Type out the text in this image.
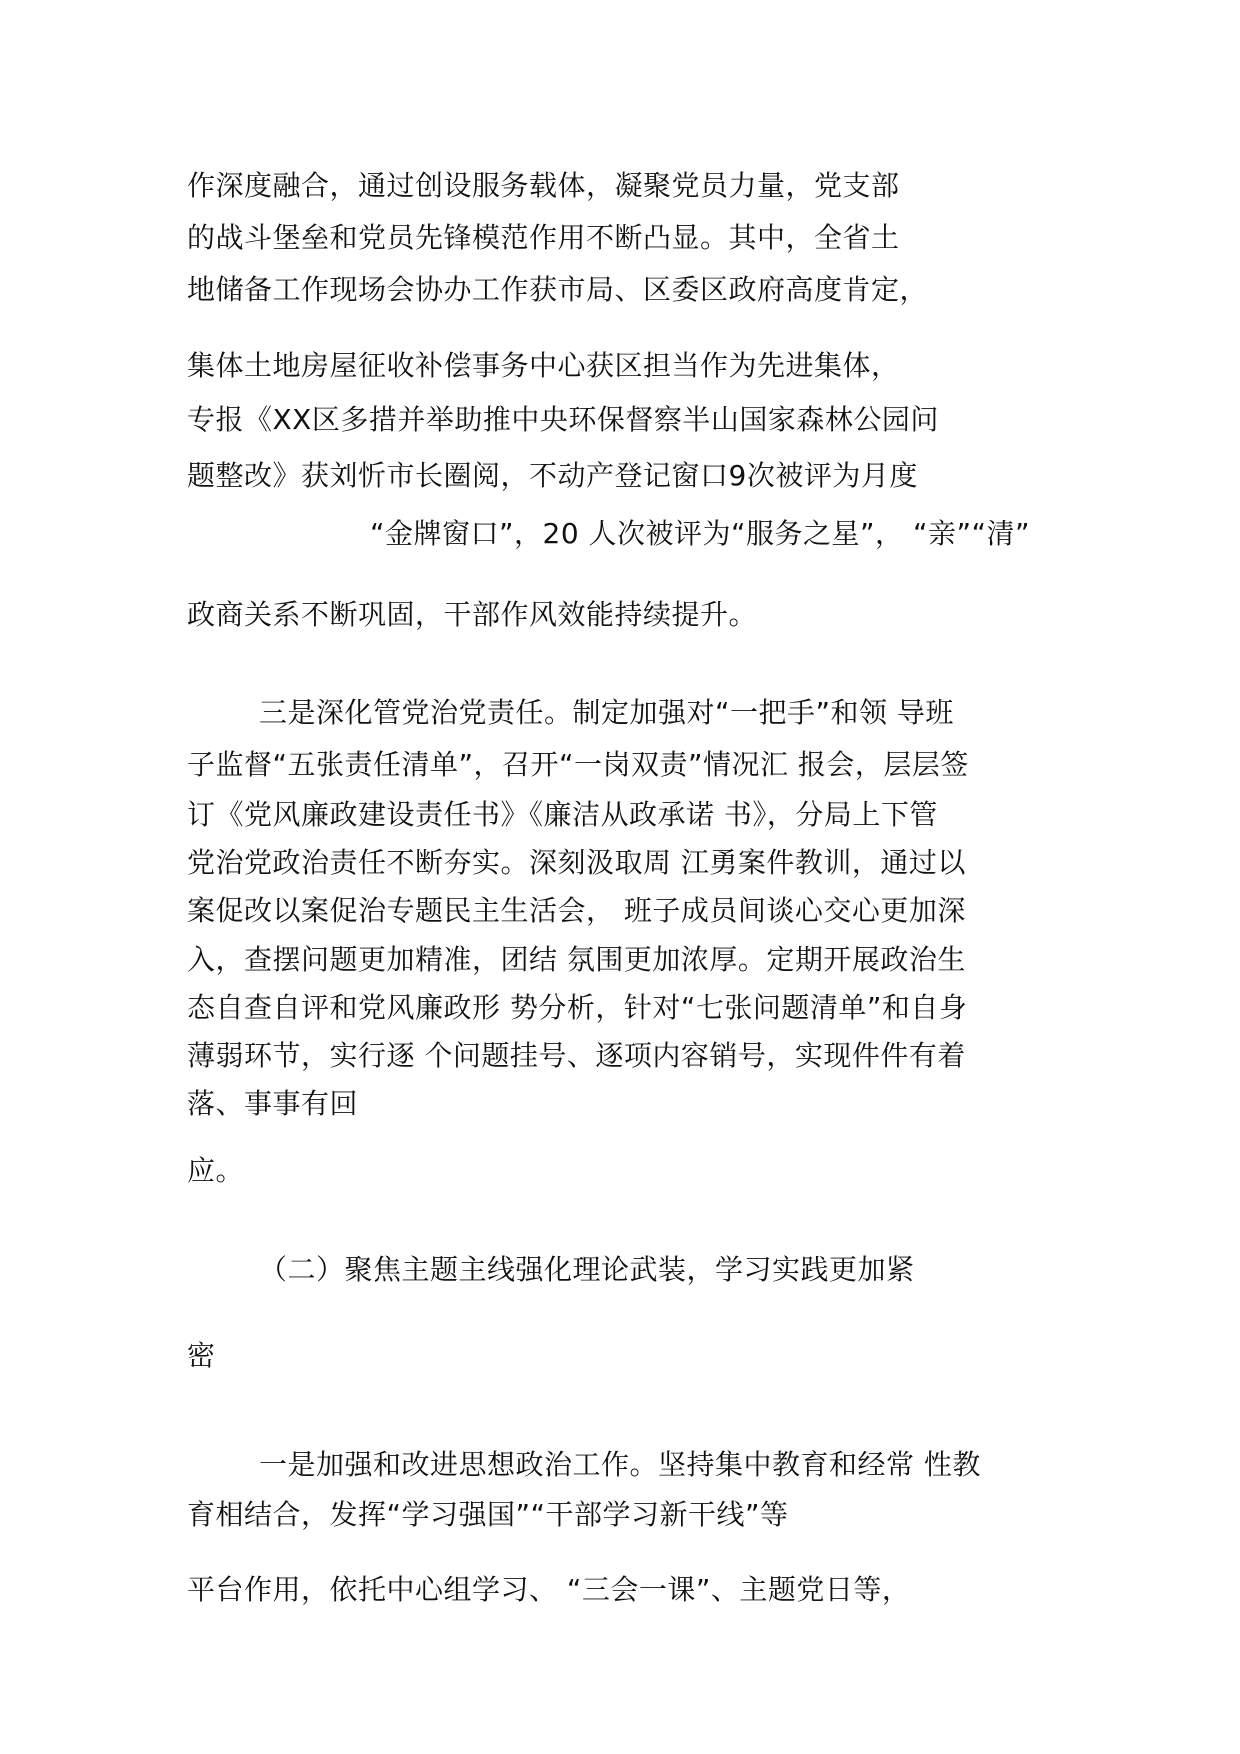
作深度融合，通过创设服务载体，凝聚党员力量，党支部
的战斗堡垒和党员先锋模范作用不断凸显。其中，全省土
地储备工作现场会协办工作获市局、区委区政府高度肯定，
集体土地房屋征收补偿事务中心获区担当作为先进集体，
专报《XX区多措并举助推中央环保督察半山国家森林公园问
题整改》获刘忻市长圈阅，不动产登记窗口9次被评为月度
“金牌窗口”，20 人次被评为“服务之星”， “亲”“清”
政商关系不断巩固，干部作风效能持续提升。
三是深化管党治党责任。制定加强对“一把手”和领 导班
子监督“五张责任清单”，召开“一岗双责”情况汇 报会，层层签
订《党风廉政建设责任书》《廉洁从政承诺 书》，分局上下管
党治党政治责任不断夯实。深刻汲取周 江勇案件教训，通过以
案促改以案促治专题民主生活会， 班子成员间谈心交心更加深
入，查摆问题更加精准，团结 氛围更加浓厚。定期开展政治生
态自查自评和党风廉政形 势分析，针对“七张问题清单”和自身
薄弱环节，实行逐 个问题挂号、逐项内容销号，实现件件有着
落、事事有回
应。
（二）聚焦主题主线强化理论武装，学习实践更加紧
密
一是加强和改进思想政治工作。坚持集中教育和经常 性教
育相结合，发挥“学习强国”“干部学习新干线”等
平台作用，依托中心组学习、 “三会一课”、主题党日等，
